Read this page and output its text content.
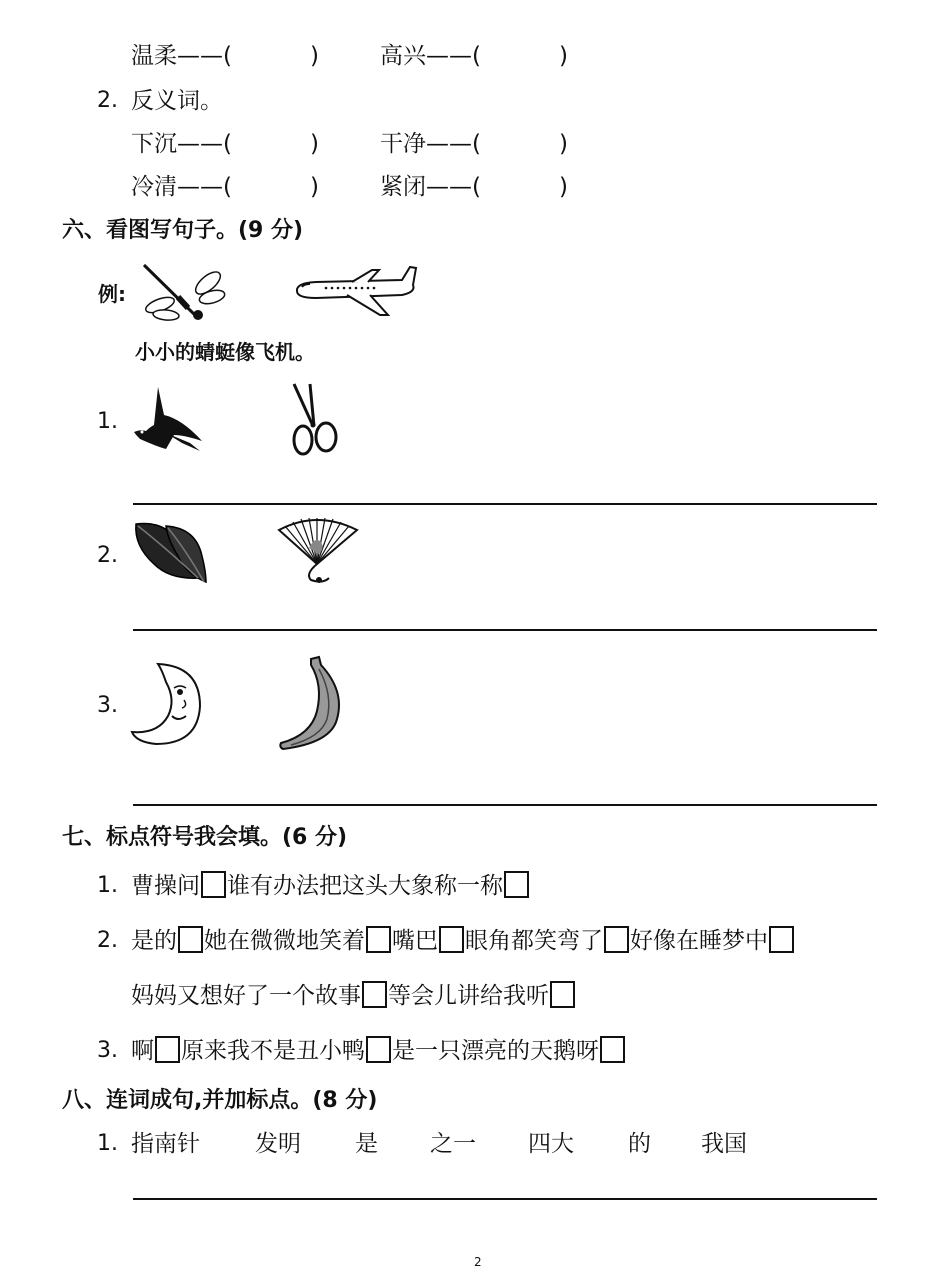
温柔——(	)	高兴——(	)
2. 反义词。
下沉——(	)	干净——(	)
冷清——(	)	紧闭——(	)
六、看图写句子。(9 分)
例:
小小的蜻蜓像飞机。
1.
2.
3.
七、标点符号我会填。(6 分)
1. 曹操问 谁有办法把这头大象称一称
2. 是的 她在微微地笑着 嘴巴 眼角都笑弯了 好像在睡梦中
妈妈又想好了一个故事 等会儿讲给我听
3. 啊 原来我不是丑小鸭 是一只漂亮的天鹅呀
八、连词成句,并加标点。(8 分)
1. 指南针 发明 是 之一 四大 的 我国
2
